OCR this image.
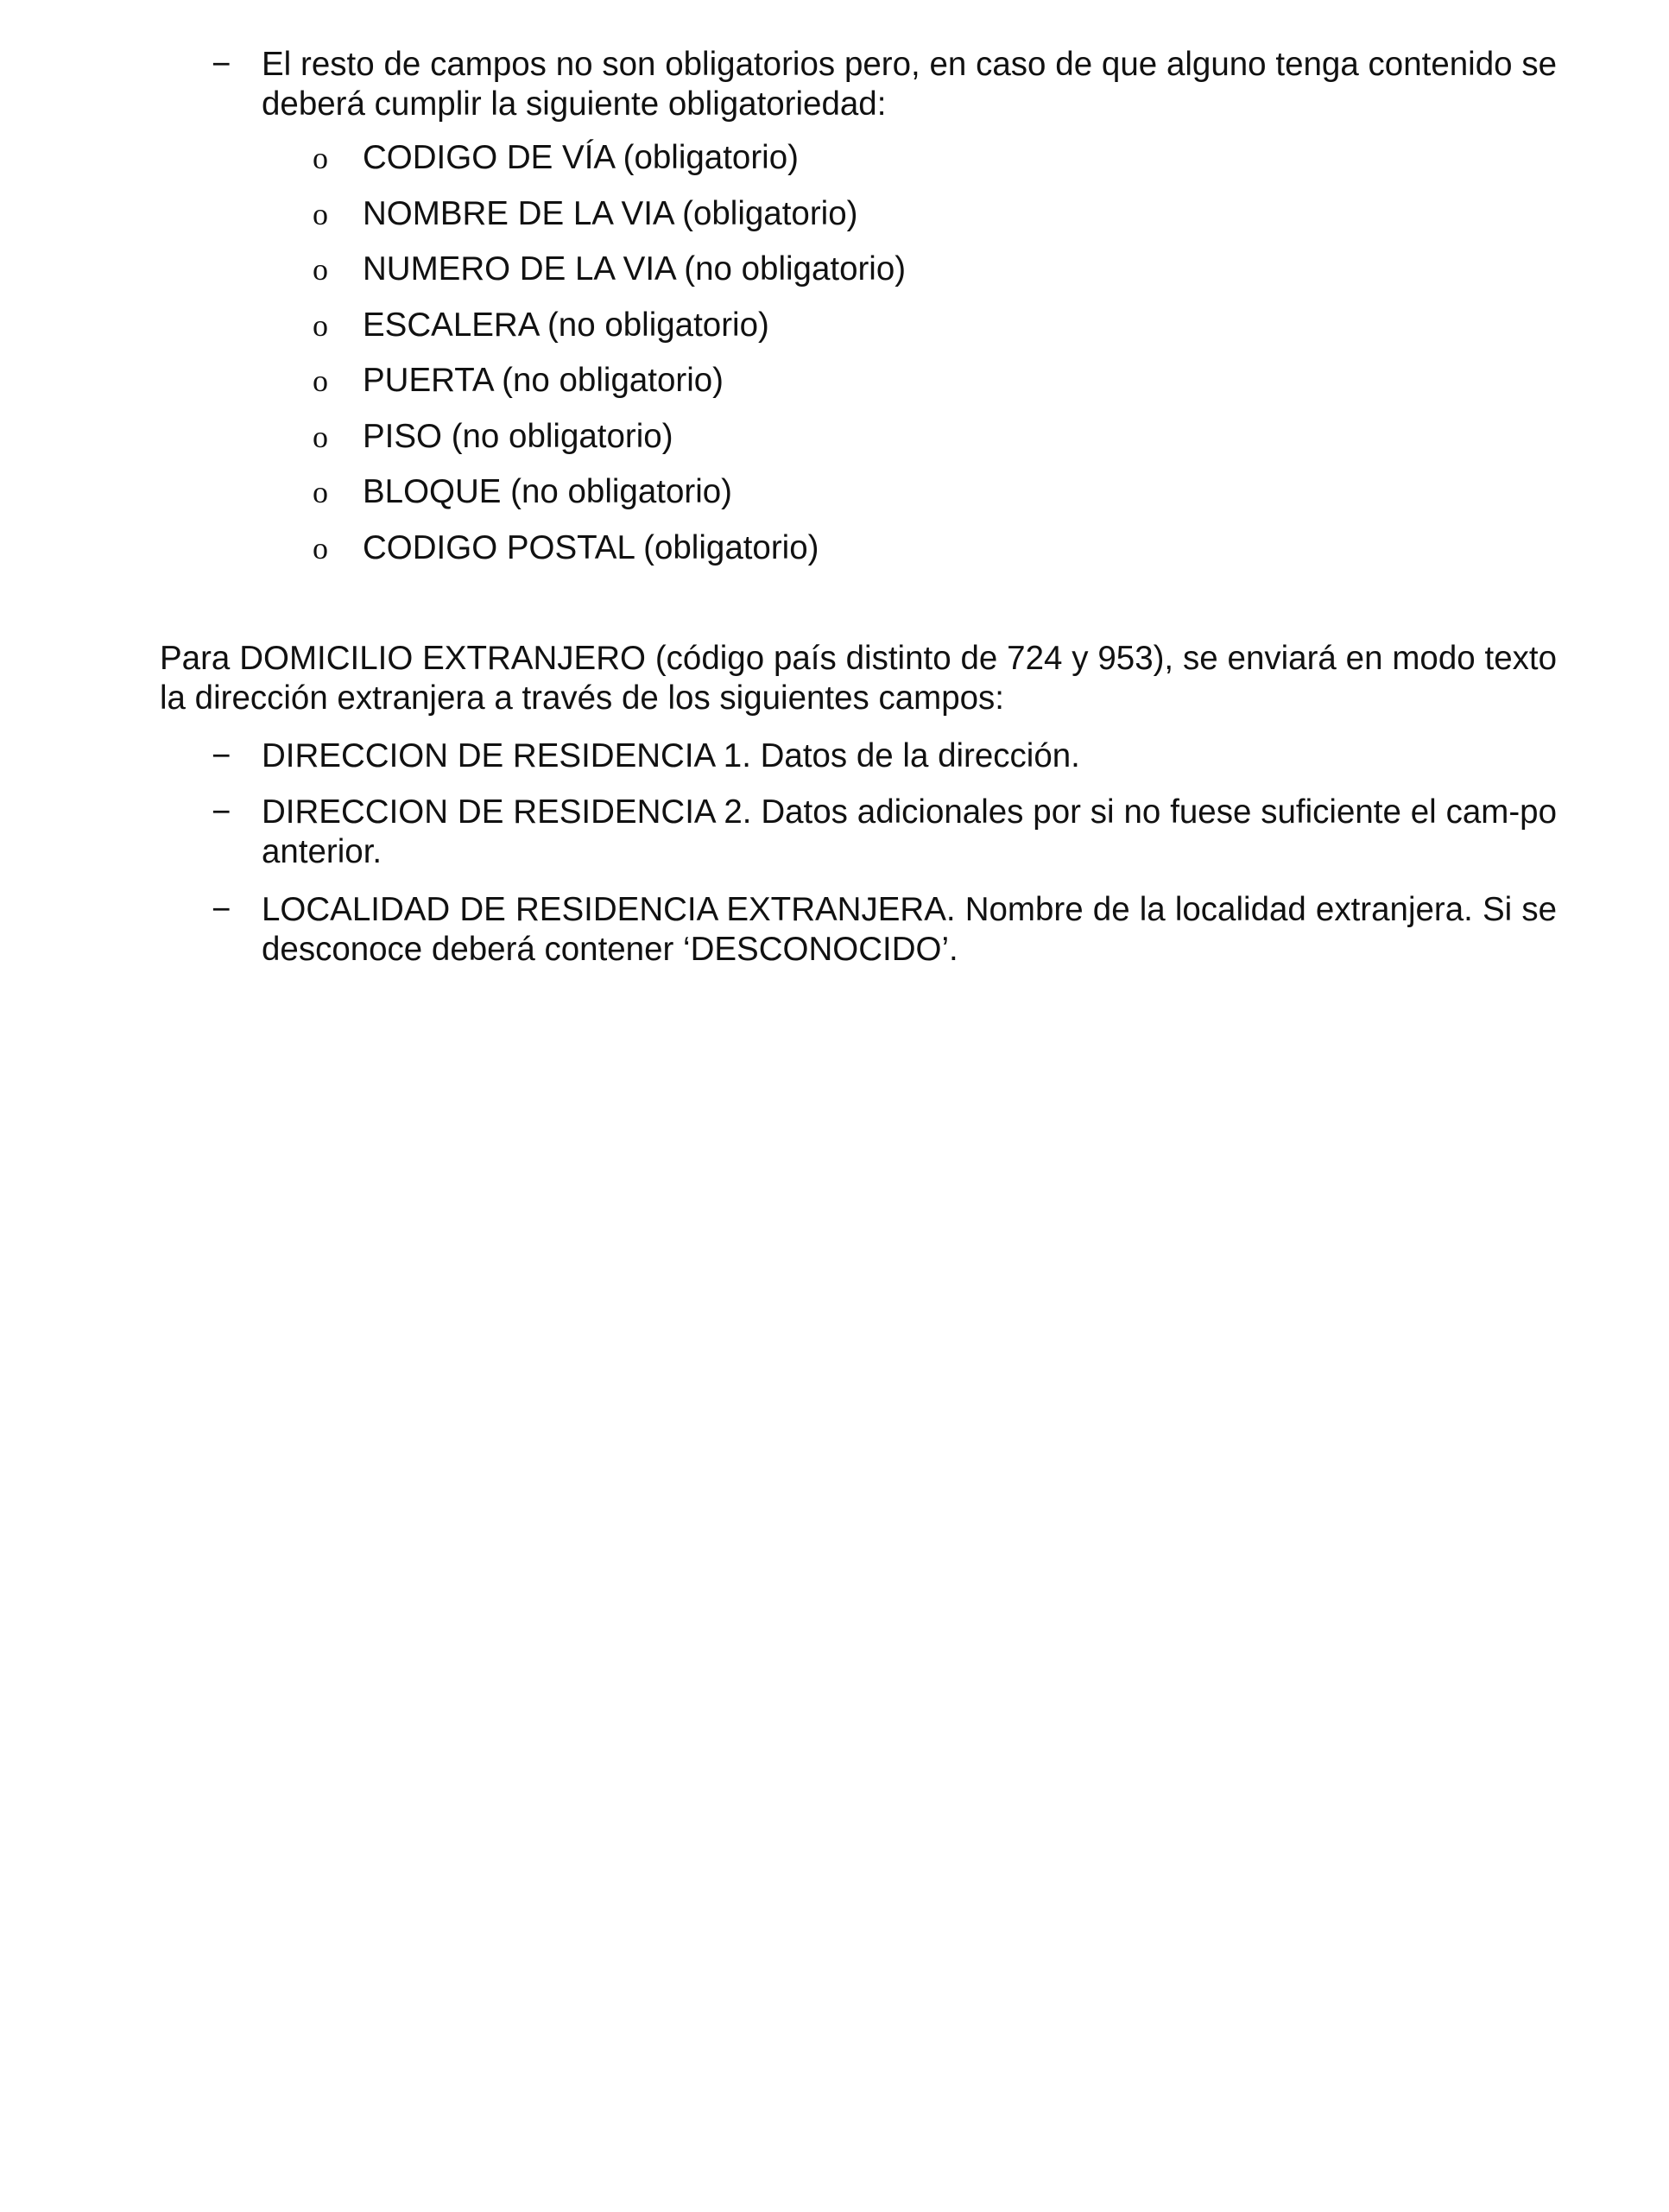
− El resto de campos no son obligatorios pero, en caso de que alguno tenga contenido se deberá cumplir la siguiente obligatoriedad:
o CODIGO DE VÍA (obligatorio)
o NOMBRE DE LA VIA (obligatorio)
o NUMERO DE LA VIA (no obligatorio)
o ESCALERA (no obligatorio)
o PUERTA (no obligatorio)
o PISO (no obligatorio)
o BLOQUE (no obligatorio)
o CODIGO POSTAL (obligatorio)

Para DOMICILIO EXTRANJERO (código país distinto de 724 y 953), se enviará en modo texto la dirección extranjera a través de los siguientes campos:

− DIRECCION DE RESIDENCIA 1. Datos de la dirección.
− DIRECCION DE RESIDENCIA 2. Datos adicionales por si no fuese suficiente el cam-po anterior.
− LOCALIDAD DE RESIDENCIA EXTRANJERA. Nombre de la localidad extranjera. Si se desconoce deberá contener ‘DESCONOCIDO’.
